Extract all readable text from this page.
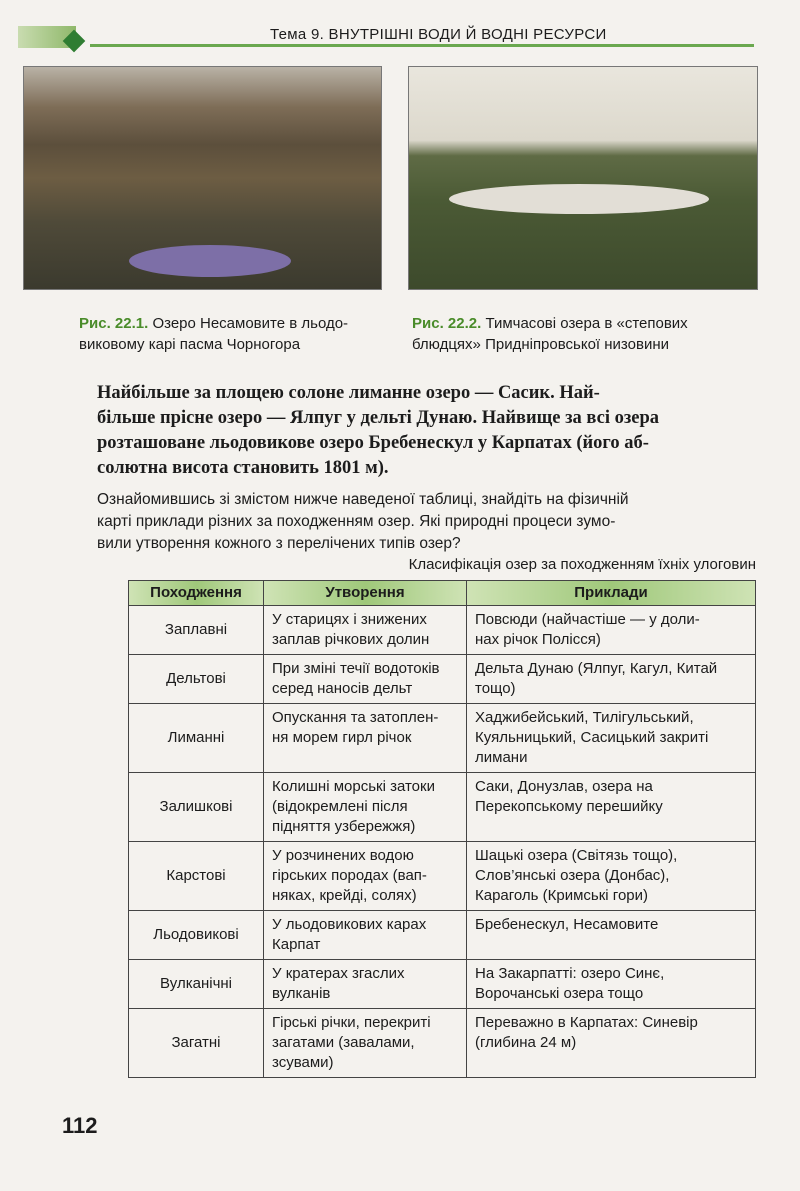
Тема 9. ВНУТРІШНІ ВОДИ Й ВОДНІ РЕСУРСИ
Рис. 22.1. Озеро Несамовите в льодо-
виковому карі пасма Чорногора
Рис. 22.2. Тимчасові озера в «степових
блюдцях» Придніпровської низовини
Найбільше за площею солоне лиманне озеро — Сасик. Най-
більше прісне озеро — Ялпуг у дельті Дунаю. Найвище за всі озера
розташоване льодовикове озеро Бребенескул у Карпатах (його аб-
солютна висота становить 1801 м).
Ознайомившись зі змістом нижче наведеної таблиці, знайдіть на фізичній
карті приклади різних за походженням озер. Які природні процеси зумо-
вили утворення кожного з перелічених типів озер?
Класифікація озер за походженням їхніх улоговин
Походження	Утворення	Приклади
Заплавні	У старицях і знижених
заплав річкових долин	Повсюди (найчастіше — у доли-
нах річок Полісся)
Дельтові	При зміні течії водотоків
серед наносів дельт	Дельта Дунаю (Ялпуг, Кагул, Китай
тощо)
Лиманні	Опускання та затоплен-
ня морем гирл річок	Хаджибейський, Тилігульський,
Куяльницький, Сасицький закриті
лимани
Залишкові	Колишні морські затоки
(відокремлені після
підняття узбережжя)	Саки, Донузлав, озера на
Перекопському перешийку
Карстові	У розчинених водою
гірських породах (вап-
няках, крейді, солях)	Шацькі озера (Світязь тощо),
Слов’янські озера (Донбас),
Караголь (Кримські гори)
Льодовикові	У льодовикових карах
Карпат	Бребенескул, Несамовите
Вулканічні	У кратерах згаслих
вулканів	На Закарпатті: озеро Синє,
Ворочанські озера тощо
Загатні	Гірські річки, перекриті
загатами (завалами,
зсувами)	Переважно в Карпатах: Синевір
(глибина 24 м)
112
